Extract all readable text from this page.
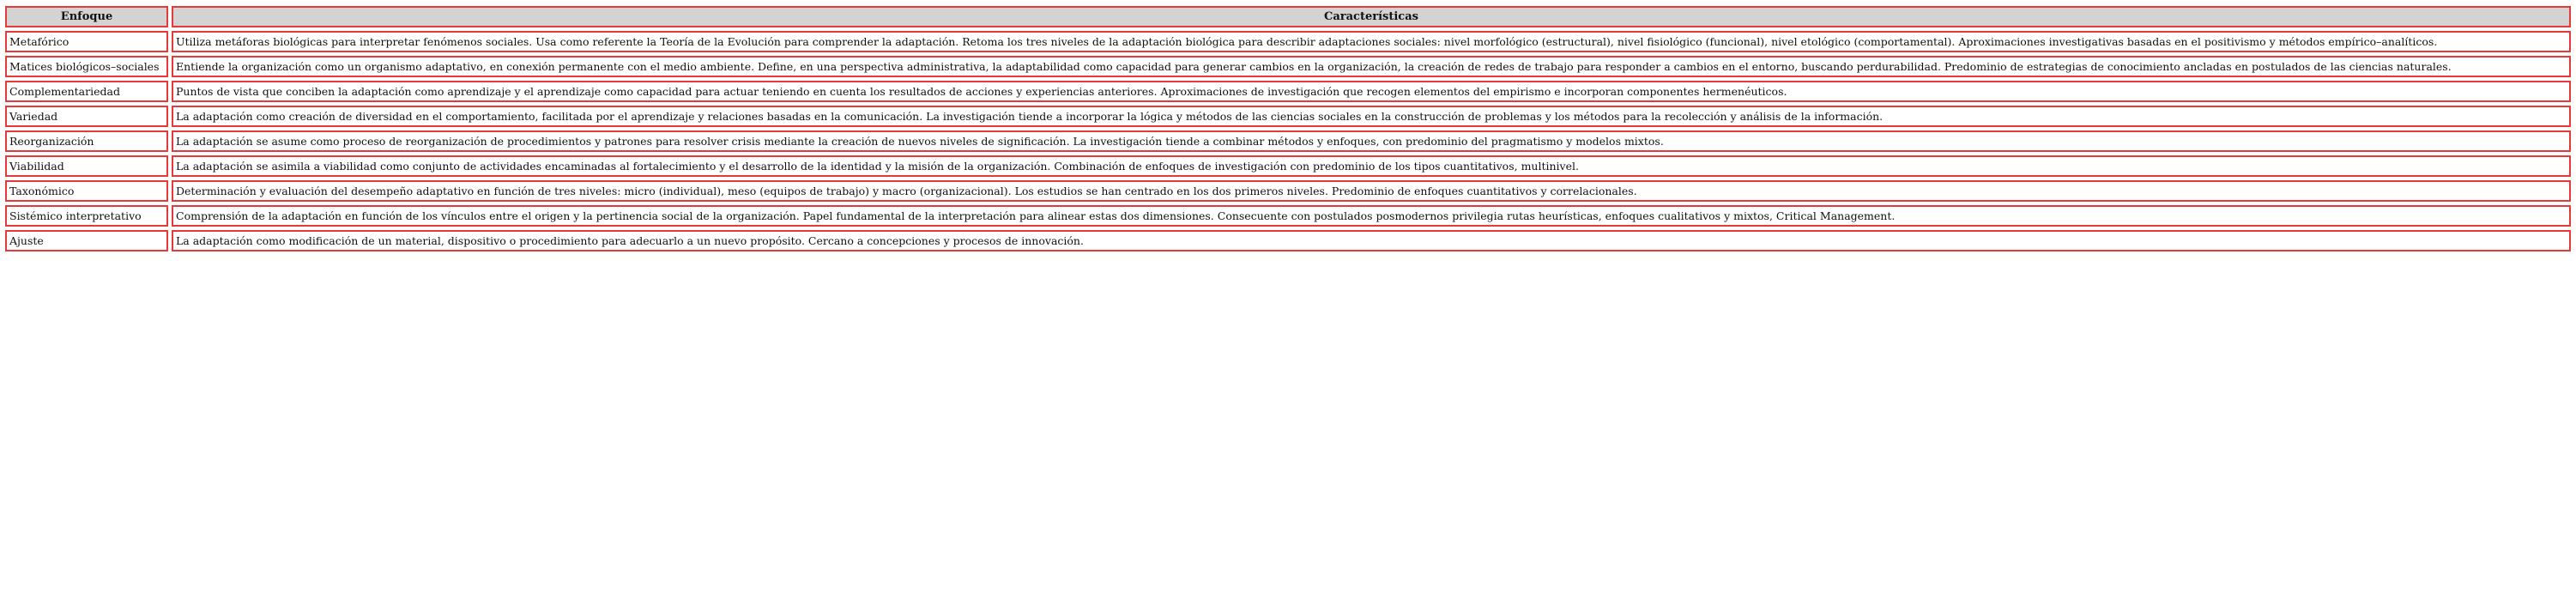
Enfoque	Características
Metafórico	Utiliza metáforas biológicas para interpretar fenómenos sociales. Usa como referente la Teoría de la Evolución para comprender la adaptación. Retoma los tres niveles de la adaptación biológica para describir adaptaciones sociales: nivel morfológico (estructural), nivel fisiológico (funcional), nivel etológico (comportamental). Aproximaciones investigativas basadas en el positivismo y métodos empírico–analíticos.
Matices biológicos–sociales	Entiende la organización como un organismo adaptativo, en conexión permanente con el medio ambiente. Define, en una perspectiva administrativa, la adaptabilidad como capacidad para generar cambios en la organización, la creación de redes de trabajo para responder a cambios en el entorno, buscando perdurabilidad. Predominio de estrategias de conocimiento ancladas en postulados de las ciencias naturales.
Complementariedad	Puntos de vista que conciben la adaptación como aprendizaje y el aprendizaje como capacidad para actuar teniendo en cuenta los resultados de acciones y experiencias anteriores. Aproximaciones de investigación que recogen elementos del empirismo e incorporan componentes hermenéuticos.
Variedad	La adaptación como creación de diversidad en el comportamiento, facilitada por el aprendizaje y relaciones basadas en la comunicación. La investigación tiende a incorporar la lógica y métodos de las ciencias sociales en la construcción de problemas y los métodos para la recolección y análisis de la información.
Reorganización	La adaptación se asume como proceso de reorganización de procedimientos y patrones para resolver crisis mediante la creación de nuevos niveles de significación. La investigación tiende a combinar métodos y enfoques, con predominio del pragmatismo y modelos mixtos.
Viabilidad	La adaptación se asimila a viabilidad como conjunto de actividades encaminadas al fortalecimiento y el desarrollo de la identidad y la misión de la organización. Combinación de enfoques de investigación con predominio de los tipos cuantitativos, multinivel.
Taxonómico	Determinación y evaluación del desempeño adaptativo en función de tres niveles: micro (individual), meso (equipos de trabajo) y macro (organizacional). Los estudios se han centrado en los dos primeros niveles. Predominio de enfoques cuantitativos y correlacionales.
Sistémico interpretativo	Comprensión de la adaptación en función de los vínculos entre el origen y la pertinencia social de la organización. Papel fundamental de la interpretación para alinear estas dos dimensiones. Consecuente con postulados posmodernos privilegia rutas heurísticas, enfoques cualitativos y mixtos, Critical Management.
Ajuste	La adaptación como modificación de un material, dispositivo o procedimiento para adecuarlo a un nuevo propósito. Cercano a concepciones y procesos de innovación.
